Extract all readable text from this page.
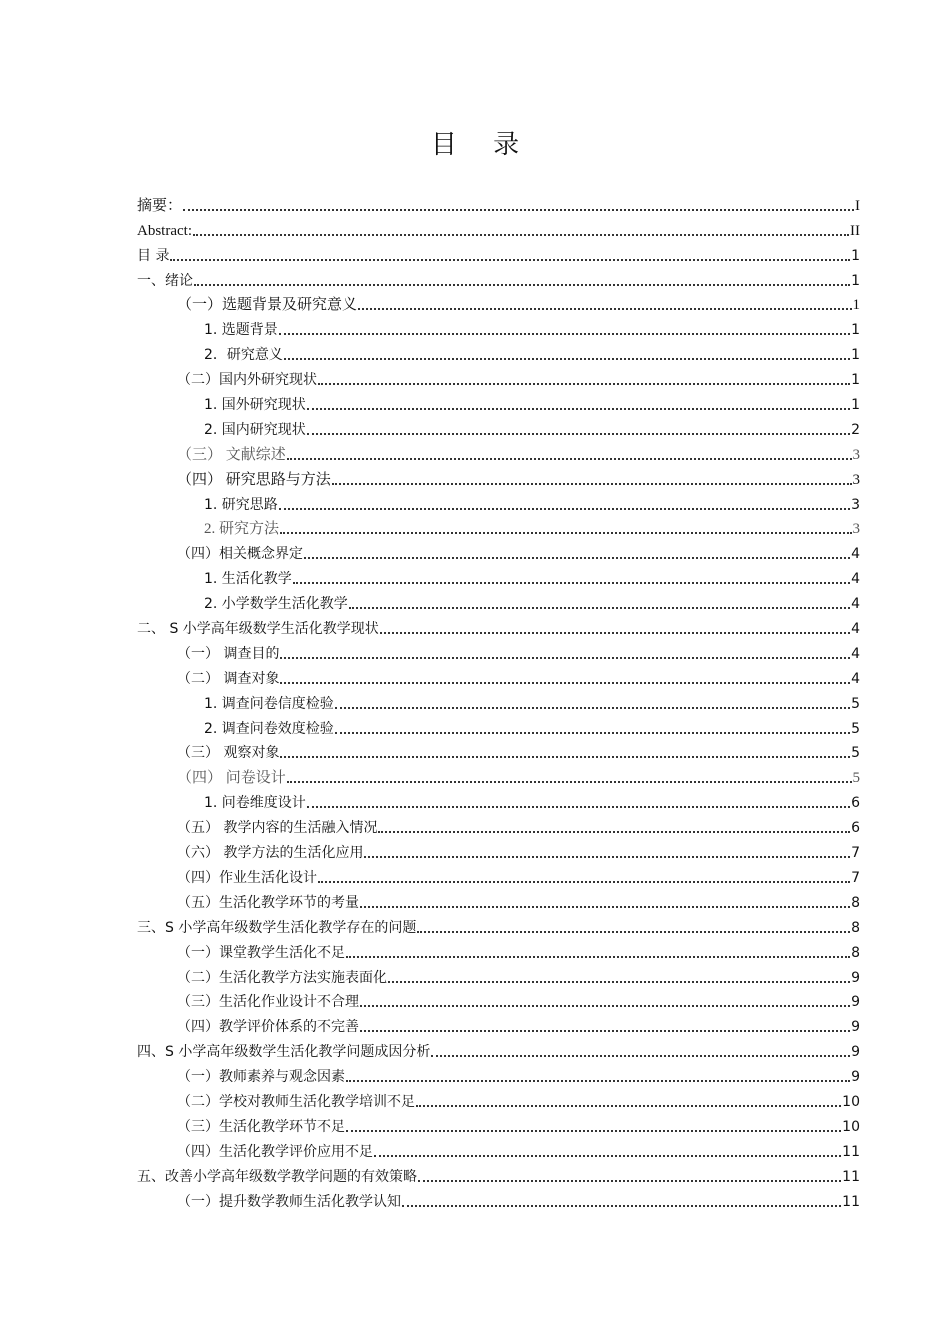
目 录
摘要：	I
Abstract:	II
目 录	1
一、绪论	1
（一）选题背景及研究意义	1
1. 选题背景	1
2．研究意义	1
（二）国内外研究现状	1
1. 国外研究现状	1
2. 国内研究现状	2
（三） 文献综述	3
（四） 研究思路与方法	3
1. 研究思路	3
2. 研究方法	3
（四）相关概念界定	4
1. 生活化教学	4
2. 小学数学生活化教学	4
二、 S 小学高年级数学生活化教学现状	4
（一） 调查目的	4
（二） 调查对象	4
1. 调查问卷信度检验	5
2. 调查问卷效度检验	5
（三） 观察对象	5
（四） 问卷设计	5
1. 问卷维度设计	6
（五） 教学内容的生活融入情况	6
（六） 教学方法的生活化应用	7
（四）作业生活化设计	7
（五）生活化教学环节的考量	8
三、S 小学高年级数学生活化教学存在的问题	8
（一）课堂教学生活化不足	8
（二）生活化教学方法实施表面化	9
（三）生活化作业设计不合理	9
（四）教学评价体系的不完善	9
四、S 小学高年级数学生活化教学问题成因分析	9
（一）教师素养与观念因素	9
（二）学校对教师生活化教学培训不足	10
（三）生活化教学环节不足	10
（四）生活化教学评价应用不足	11
五、改善小学高年级数学教学问题的有效策略	11
（一）提升数学教师生活化教学认知	11
